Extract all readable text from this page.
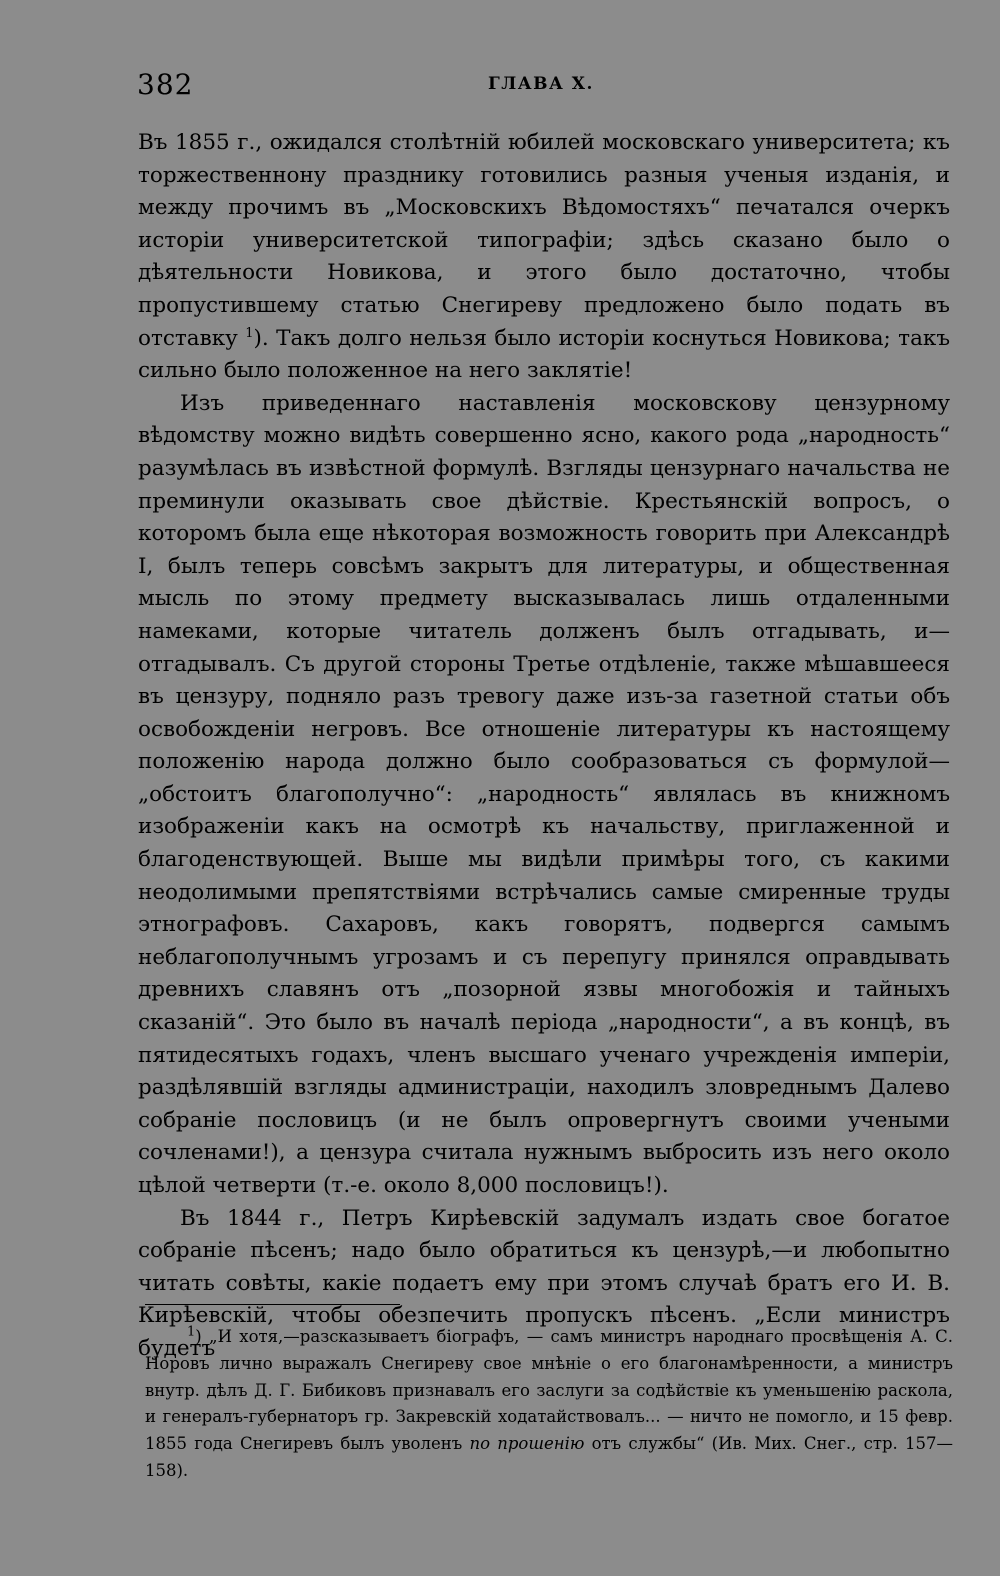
382	ГЛАВА X.

Въ 1855 г., ожидался столѣтній юбилей московскаго университета; къ торжественнону празднику готовились разныя ученыя изданія, и между прочимъ въ „Московскихъ Вѣдомостяхъ“ печатался очеркъ исторіи университетской типографіи; здѣсь сказано было о дѣятельности Новикова, и этого было достаточно, чтобы пропустившему статью Снегиреву предложено было подать въ отставку $^1$). Такъ долго нельзя было исторіи коснуться Новикова; такъ сильно было положенное на него заклятіе!

Изъ приведеннаго наставленія московскову цензурному вѣдомству можно видѣть совершенно ясно, какого рода „народность“ разумѣлась въ извѣстной формулѣ. Взгляды цензурнаго начальства не преминули оказывать свое дѣйствіе. Крестьянскій вопросъ, о которомъ была еще нѣкоторая возможность говорить при Александрѣ I, былъ теперь совсѣмъ закрытъ для литературы, и общественная мысль по этому предмету высказывалась лишь отдаленными намеками, которые читатель долженъ былъ отгадывать, и—отгадывалъ. Съ другой стороны Третье отдѣленіе, также мѣшавшееся въ цензуру, подняло разъ тревогу даже изъ-за газетной статьи объ освобожденіи негровъ. Все отношеніе литературы къ настоящему положенію народа должно было сообразоваться съ формулой—„обстоитъ благополучно“: „народность“ являлась въ книжномъ изображеніи какъ на осмотрѣ къ начальству, приглаженной и благоденствующей. Выше мы видѣли примѣры того, съ какими неодолимыми препятствіями встрѣчались самые смиренные труды этнографовъ. Сахаровъ, какъ говорятъ, подвергся самымъ неблагополучнымъ угрозамъ и съ перепугу принялся оправдывать древнихъ славянъ отъ „позорной язвы многобожія и тайныхъ сказаній“. Это было въ началѣ періода „народности“, а въ концѣ, въ пятидесятыхъ годахъ, членъ высшаго ученаго учрежденія имперіи, раздѣлявшій взгляды администраціи, находилъ зловреднымъ Далево собраніе пословицъ (и не былъ опровергнутъ своими учеными сочленами!), а цензура считала нужнымъ выбросить изъ него около цѣлой четверти (т.-е. около 8,000 пословицъ!).

Въ 1844 г., Петръ Кирѣевскій задумалъ издать свое богатое собраніе пѣсенъ; надо было обратиться къ цензурѣ,—и любопытно читать совѣты, какіе подаетъ ему при этомъ случаѣ братъ его И. В. Кирѣевскій, чтобы обезпечить пропускъ пѣсенъ. „Если министръ будетъ

$^1$) „И хотя,—разсказываетъ біографъ, — самъ министръ народнаго просвѣщенія А. С. Норовъ лично выражалъ Снегиреву свое мнѣніе о его благонамѣренности, а министръ внутр. дѣлъ Д. Г. Бибиковъ признавалъ его заслуги за содѣйствіе къ уменьшенію раскола, и генералъ-губернаторъ гр. Закревскій ходатайствовалъ... — ничто не помогло, и 15 февр. 1855 года Снегиревъ былъ уволенъ по прошенію отъ службы“ (Ив. Мих. Снег., стр. 157—158).
